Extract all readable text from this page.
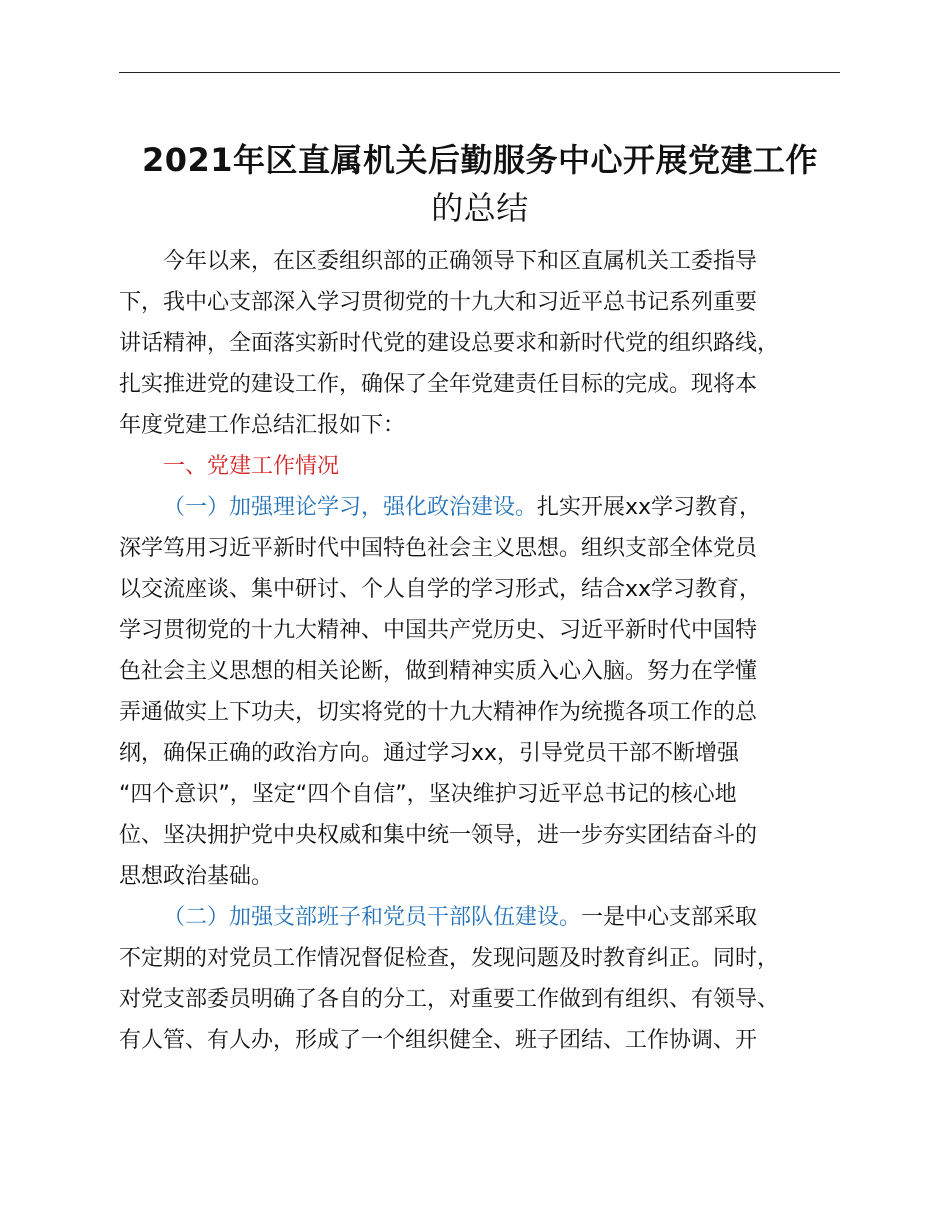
2021年区直属机关后勤服务中心开展党建工作
的总结
今年以来，在区委组织部的正确领导下和区直属机关工委指导
下，我中心支部深入学习贯彻党的十九大和习近平总书记系列重要
讲话精神，全面落实新时代党的建设总要求和新时代党的组织路线，
扎实推进党的建设工作，确保了全年党建责任目标的完成。现将本
年度党建工作总结汇报如下：
一、党建工作情况
（一）加强理论学习，强化政治建设。扎实开展xx学习教育，
深学笃用习近平新时代中国特色社会主义思想。组织支部全体党员
以交流座谈、集中研讨、个人自学的学习形式，结合xx学习教育，
学习贯彻党的十九大精神、中国共产党历史、习近平新时代中国特
色社会主义思想的相关论断，做到精神实质入心入脑。努力在学懂
弄通做实上下功夫，切实将党的十九大精神作为统揽各项工作的总
纲，确保正确的政治方向。通过学习xx，引导党员干部不断增强
“四个意识”，坚定“四个自信”，坚决维护习近平总书记的核心地
位、坚决拥护党中央权威和集中统一领导，进一步夯实团结奋斗的
思想政治基础。
（二）加强支部班子和党员干部队伍建设。一是中心支部采取
不定期的对党员工作情况督促检查，发现问题及时教育纠正。同时，
对党支部委员明确了各自的分工，对重要工作做到有组织、有领导、
有人管、有人办，形成了一个组织健全、班子团结、工作协调、开
